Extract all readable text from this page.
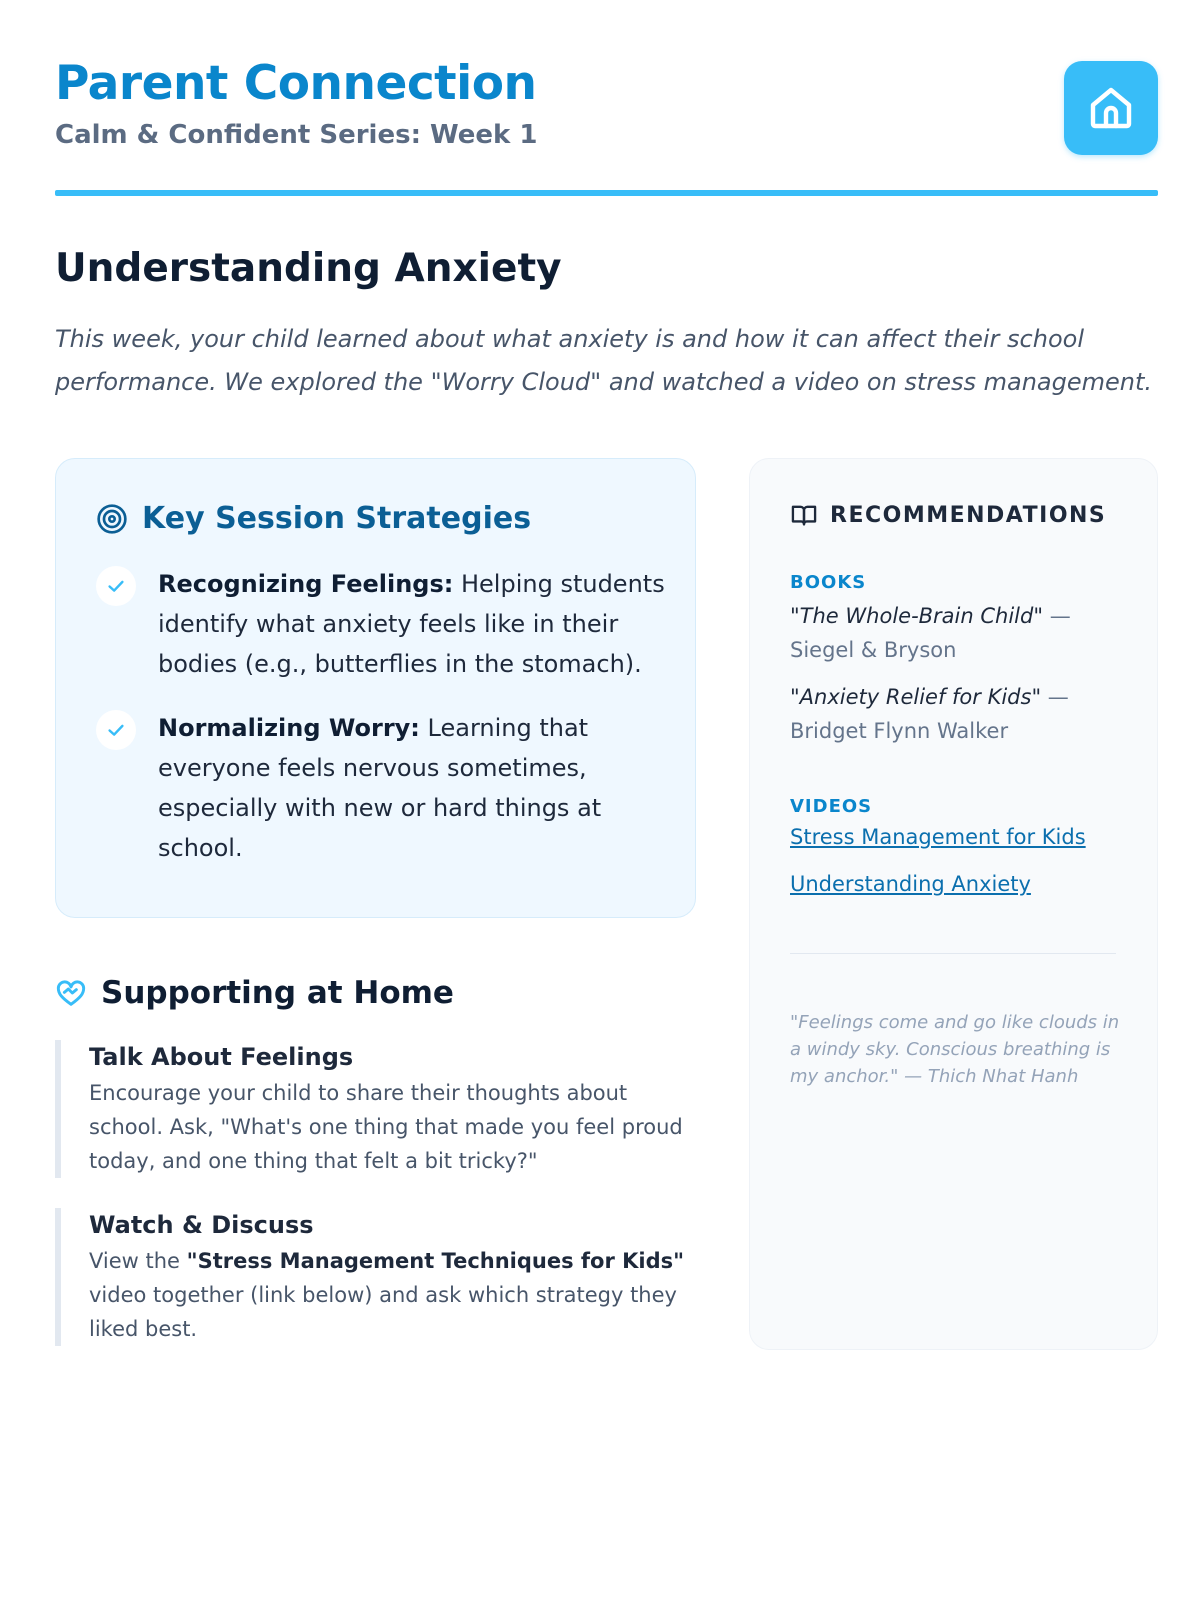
Parent Connection
Calm & Confident Series: Week 1
Understanding Anxiety
This week, your child learned about what anxiety is and how it can affect their school performance. We explored the "Worry Cloud" and watched a video on stress management.
Key Session Strategies
Recognizing Feelings: Helping students identify what anxiety feels like in their bodies (e.g., butterflies in the stomach).
Normalizing Worry: Learning that everyone feels nervous sometimes, especially with new or hard things at school.
Supporting at Home
Talk About Feelings
Encourage your child to share their thoughts about school. Ask, "What's one thing that made you feel proud today, and one thing that felt a bit tricky?"
Watch & Discuss
View the "Stress Management Techniques for Kids" video together (link below) and ask which strategy they liked best.
RECOMMENDATIONS
BOOKS
"The Whole-Brain Child" — Siegel & Bryson
"Anxiety Relief for Kids" — Bridget Flynn Walker
VIDEOS
Stress Management for Kids
Understanding Anxiety
"Feelings come and go like clouds in a windy sky. Conscious breathing is my anchor." — Thich Nhat Hanh
